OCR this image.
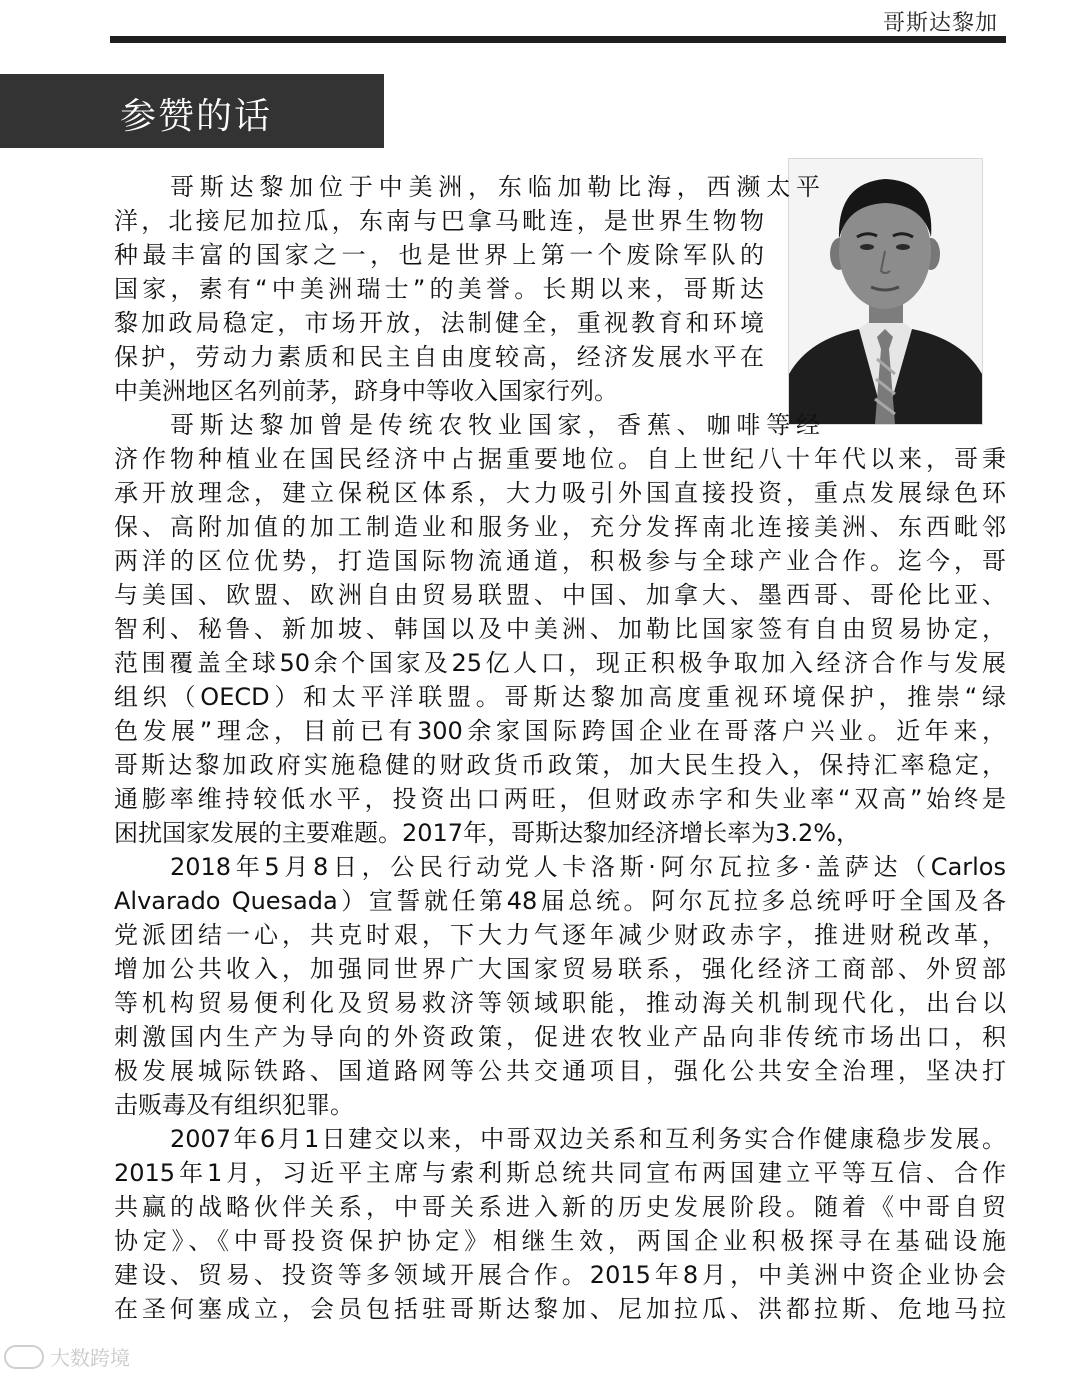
哥斯达黎加
参赞的话
哥斯达黎加位于中美洲，东临加勒比海，西濒太平
洋，北接尼加拉瓜，东南与巴拿马毗连，是世界生物物
种最丰富的国家之一，也是世界上第一个废除军队的
国家，素有“中美洲瑞士”的美誉。长期以来，哥斯达
黎加政局稳定，市场开放，法制健全，重视教育和环境
保护，劳动力素质和民主自由度较高，经济发展水平在
中美洲地区名列前茅，跻身中等收入国家行列。
哥斯达黎加曾是传统农牧业国家，香蕉、咖啡等经
济作物种植业在国民经济中占据重要地位。自上世纪八十年代以来，哥秉
承开放理念，建立保税区体系，大力吸引外国直接投资，重点发展绿色环
保、高附加值的加工制造业和服务业，充分发挥南北连接美洲、东西毗邻
两洋的区位优势，打造国际物流通道，积极参与全球产业合作。迄今，哥
与美国、欧盟、欧洲自由贸易联盟、中国、加拿大、墨西哥、哥伦比亚、
智利、秘鲁、新加坡、韩国以及中美洲、加勒比国家签有自由贸易协定，
范围覆盖全球50余个国家及25亿人口，现正积极争取加入经济合作与发展
组织（OECD）和太平洋联盟。哥斯达黎加高度重视环境保护，推崇“绿
色发展”理念，目前已有300余家国际跨国企业在哥落户兴业。近年来，
哥斯达黎加政府实施稳健的财政货币政策，加大民生投入，保持汇率稳定，
通膨率维持较低水平，投资出口两旺，但财政赤字和失业率“双高”始终是
困扰国家发展的主要难题。2017年，哥斯达黎加经济增长率为3.2%，
2018年5月8日，公民行动党人卡洛斯·阿尔瓦拉多·盖萨达（Carlos
Alvarado Quesada）宣誓就任第48届总统。阿尔瓦拉多总统呼吁全国及各
党派团结一心，共克时艰，下大力气逐年减少财政赤字，推进财税改革，
增加公共收入，加强同世界广大国家贸易联系，强化经济工商部、外贸部
等机构贸易便利化及贸易救济等领域职能，推动海关机制现代化，出台以
刺激国内生产为导向的外资政策，促进农牧业产品向非传统市场出口，积
极发展城际铁路、国道路网等公共交通项目，强化公共安全治理，坚决打
击贩毒及有组织犯罪。
2007年6月1日建交以来，中哥双边关系和互利务实合作健康稳步发展。
2015年1月，习近平主席与索利斯总统共同宣布两国建立平等互信、合作
共赢的战略伙伴关系，中哥关系进入新的历史发展阶段。随着《中哥自贸
协定》、《中哥投资保护协定》相继生效，两国企业积极探寻在基础设施
建设、贸易、投资等多领域开展合作。2015年8月，中美洲中资企业协会
在圣何塞成立，会员包括驻哥斯达黎加、尼加拉瓜、洪都拉斯、危地马拉
大数跨境
